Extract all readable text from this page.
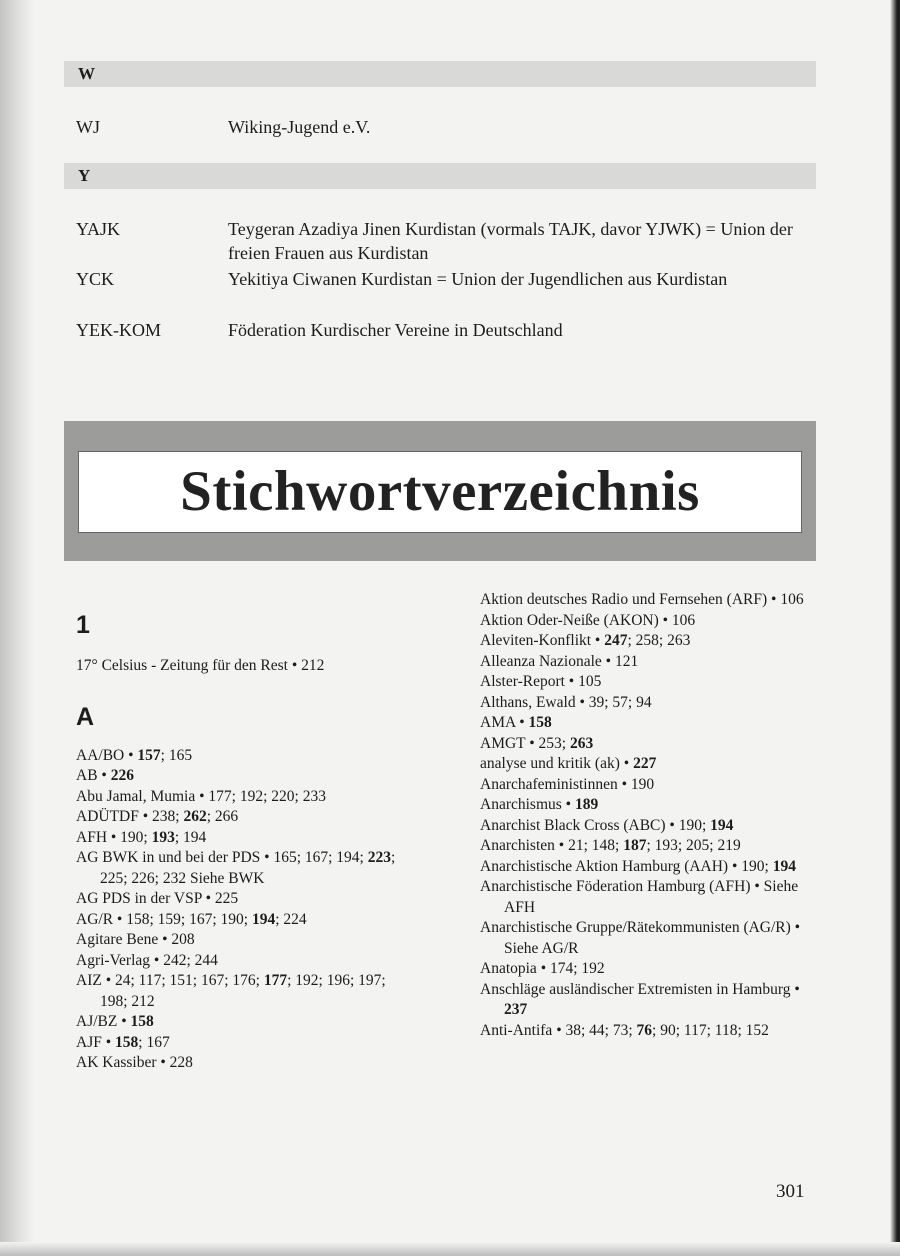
W
WJ	Wiking-Jugend e.V.
Y
YAJK	Teygeran Azadiya Jinen Kurdistan (vormals TAJK, davor YJWK) = Union der freien Frauen aus Kurdistan
YCK	Yekitiya Ciwanen Kurdistan = Union der Jugendlichen aus Kurdistan
YEK-KOM	Föderation Kurdischer Vereine in Deutschland
Stichwortverzeichnis
1
17° Celsius - Zeitung für den Rest • 212
A
AA/BO • 157; 165
AB • 226
Abu Jamal, Mumia • 177; 192; 220; 233
ADÜTDF • 238; 262; 266
AFH • 190; 193; 194
AG BWK in und bei der PDS • 165; 167; 194; 223; 225; 226; 232 Siehe BWK
AG PDS in der VSP • 225
AG/R • 158; 159; 167; 190; 194; 224
Agitare Bene • 208
Agri-Verlag • 242; 244
AIZ • 24; 117; 151; 167; 176; 177; 192; 196; 197; 198; 212
AJ/BZ • 158
AJF • 158; 167
AK Kassiber • 228
Aktion deutsches Radio und Fernsehen (ARF) • 106
Aktion Oder-Neiße (AKON) • 106
Aleviten-Konflikt • 247; 258; 263
Alleanza Nazionale • 121
Alster-Report • 105
Althans, Ewald • 39; 57; 94
AMA • 158
AMGT • 253; 263
analyse und kritik (ak) • 227
Anarchafeministinnen • 190
Anarchismus • 189
Anarchist Black Cross (ABC) • 190; 194
Anarchisten • 21; 148; 187; 193; 205; 219
Anarchistische Aktion Hamburg (AAH) • 190; 194
Anarchistische Föderation Hamburg (AFH) • Siehe AFH
Anarchistische Gruppe/Rätekommunisten (AG/R) • Siehe AG/R
Anatopia • 174; 192
Anschläge ausländischer Extremisten in Hamburg • 237
Anti-Antifa • 38; 44; 73; 76; 90; 117; 118; 152
301
